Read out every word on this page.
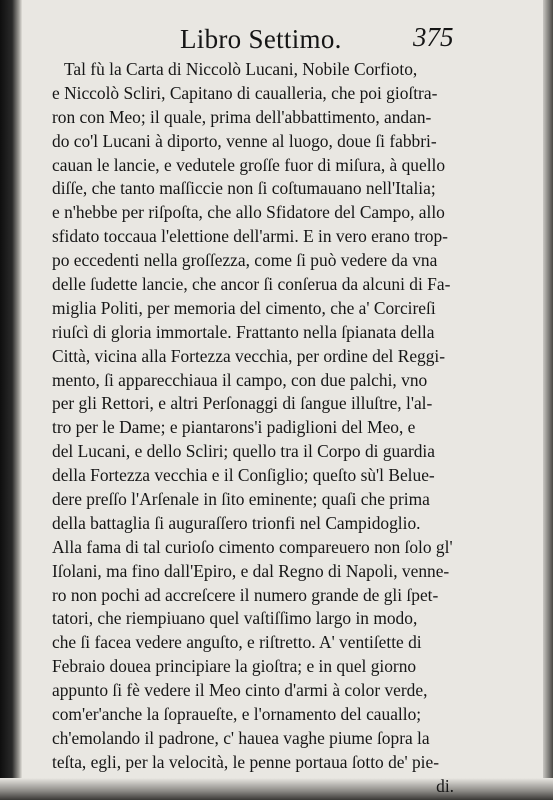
Libro Settimo.	375
Tal fù la Carta di Niccolò Lucani, Nobile Corfioto,
e Niccolò Scliri, Capitano di caualleria, che poi gioſtra-
ron con Meo; il quale, prima dell'abbattimento, andan-
do co'l Lucani à diporto, venne al luogo, doue ſi fabbri-
cauan le lancie, e vedutele groſſe fuor di miſura, à quello
diſſe, che tanto maſſiccie non ſi coſtumauano nell'Italia;
e n'hebbe per riſpoſta, che allo Sfidatore del Campo, allo
sfidato toccaua l'elettione dell'armi. E in vero erano trop-
po eccedenti nella groſſezza, come ſi può vedere da vna
delle ſudette lancie, che ancor ſi conſerua da alcuni di Fa-
miglia Politi, per memoria del cimento, che a' Corcireſi
riuſcì di gloria immortale. Frattanto nella ſpianata della
Città, vicina alla Fortezza vecchia, per ordine del Reggi-
mento, ſi apparecchiaua il campo, con due palchi, vno
per gli Rettori, e altri Perſonaggi di ſangue illuſtre, l'al-
tro per le Dame; e piantarons'i padiglioni del Meo, e
del Lucani, e dello Scliri; quello tra il Corpo di guardia
della Fortezza vecchia e il Conſiglio; queſto sù'l Belue-
dere preſſo l'Arſenale in ſito eminente; quaſi che prima
della battaglia ſi auguraſſero trionfi nel Campidoglio.
Alla fama di tal curioſo cimento compareuero non ſolo gl'
Iſolani, ma fino dall'Epiro, e dal Regno di Napoli, venne-
ro non pochi ad accreſcere il numero grande de gli ſpet-
tatori, che riempiuano quel vaſtiſſimo largo in modo,
che ſi facea vedere anguſto, e riſtretto. A' ventiſette di
Febraio douea principiare la gioſtra; e in quel giorno
appunto ſi fè vedere il Meo cinto d'armi à color verde,
com'er'anche la ſopraueſte, e l'ornamento del cauallo;
ch'emolando il padrone, c' hauea vaghe piume ſopra la
teſta, egli, per la velocità, le penne portaua ſotto de' pie-
di.
